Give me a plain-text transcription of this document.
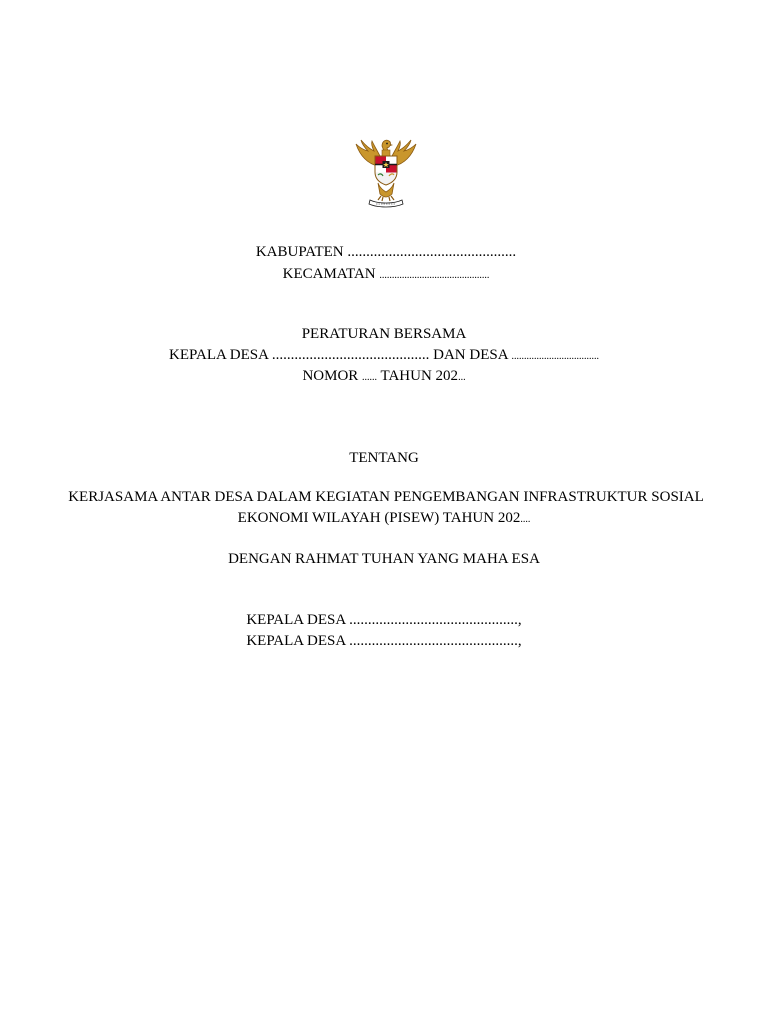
KABUPATEN .............................................
KECAMATAN ............................................
PERATURAN BERSAMA
KEPALA DESA .......................................... DAN DESA ...................................
NOMOR ...... TAHUN 202...
TENTANG
KERJASAMA ANTAR DESA DALAM KEGIATAN PENGEMBANGAN INFRASTRUKTUR SOSIAL
EKONOMI WILAYAH (PISEW) TAHUN 202....
DENGAN RAHMAT TUHAN YANG MAHA ESA
KEPALA DESA .............................................,
KEPALA DESA .............................................,
